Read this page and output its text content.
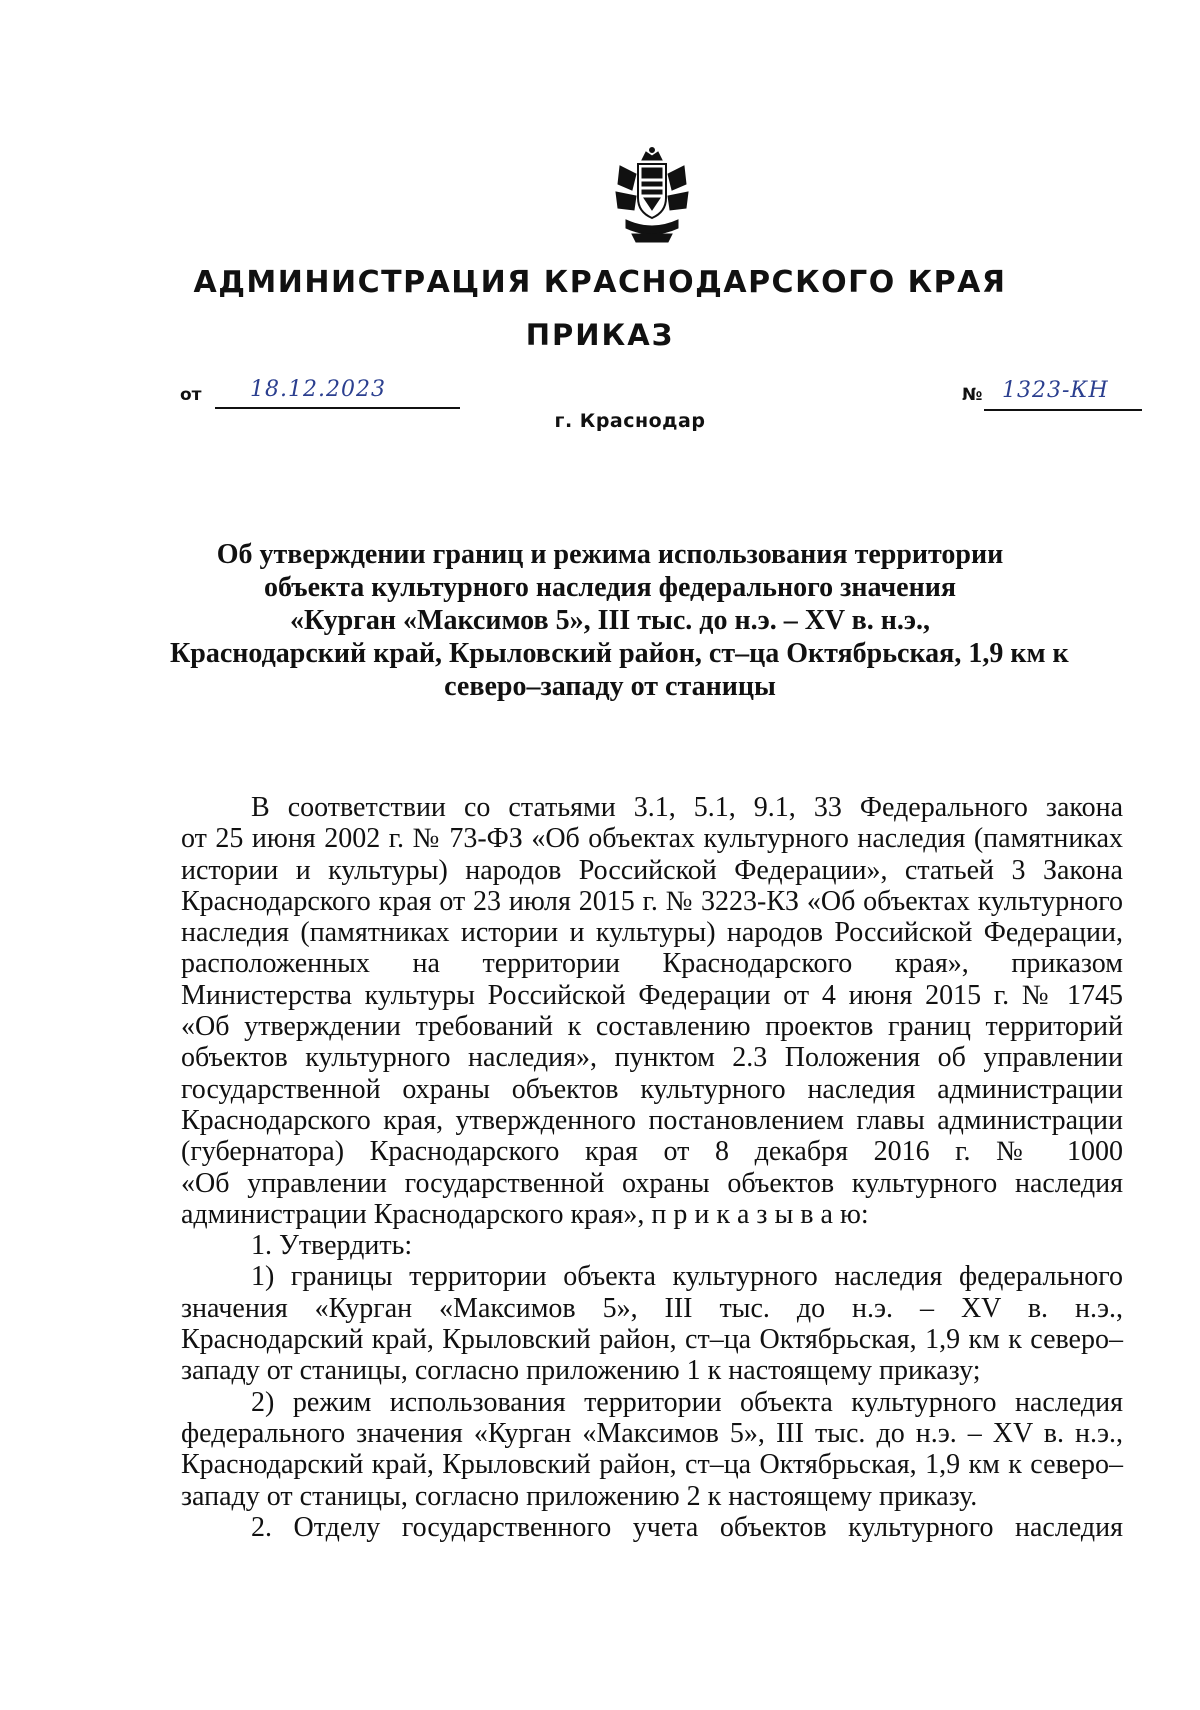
АДМИНИСТРАЦИЯ КРАСНОДАРСКОГО КРАЯ
ПРИКАЗ
от 18.12.2023	№ 1323-КН
г. Краснодар
Об утверждении границ и режима использования территории
объекта культурного наследия федерального значения
«Курган «Максимов 5», III тыс. до н.э. – XV в. н.э.,
Краснодарский край, Крыловский район, ст–ца Октябрьская, 1,9 км к
северо–западу от станицы
В соответствии со статьями 3.1, 5.1, 9.1, 33 Федерального закона
от 25 июня 2002 г. № 73-ФЗ «Об объектах культурного наследия (памятниках
истории и культуры) народов Российской Федерации», статьей 3 Закона
Краснодарского края от 23 июля 2015 г. № 3223-КЗ «Об объектах культурного
наследия (памятниках истории и культуры) народов Российской Федерации,
расположенных на территории Краснодарского края», приказом
Министерства культуры Российской Федерации от 4 июня 2015 г. № 1745
«Об утверждении требований к составлению проектов границ территорий
объектов культурного наследия», пунктом 2.3 Положения об управлении
государственной охраны объектов культурного наследия администрации
Краснодарского края, утвержденного постановлением главы администрации
(губернатора) Краснодарского края от 8 декабря 2016 г. № 1000
«Об управлении государственной охраны объектов культурного наследия
администрации Краснодарского края», п р и к а з ы в а ю:
1. Утвердить:
1) границы территории объекта культурного наследия федерального
значения «Курган «Максимов 5», III тыс. до н.э. – XV в. н.э.,
Краснодарский край, Крыловский район, ст–ца Октябрьская, 1,9 км к северо–
западу от станицы, согласно приложению 1 к настоящему приказу;
2) режим использования территории объекта культурного наследия
федерального значения «Курган «Максимов 5», III тыс. до н.э. – XV в. н.э.,
Краснодарский край, Крыловский район, ст–ца Октябрьская, 1,9 км к северо–
западу от станицы, согласно приложению 2 к настоящему приказу.
2. Отделу государственного учета объектов культурного наследия
